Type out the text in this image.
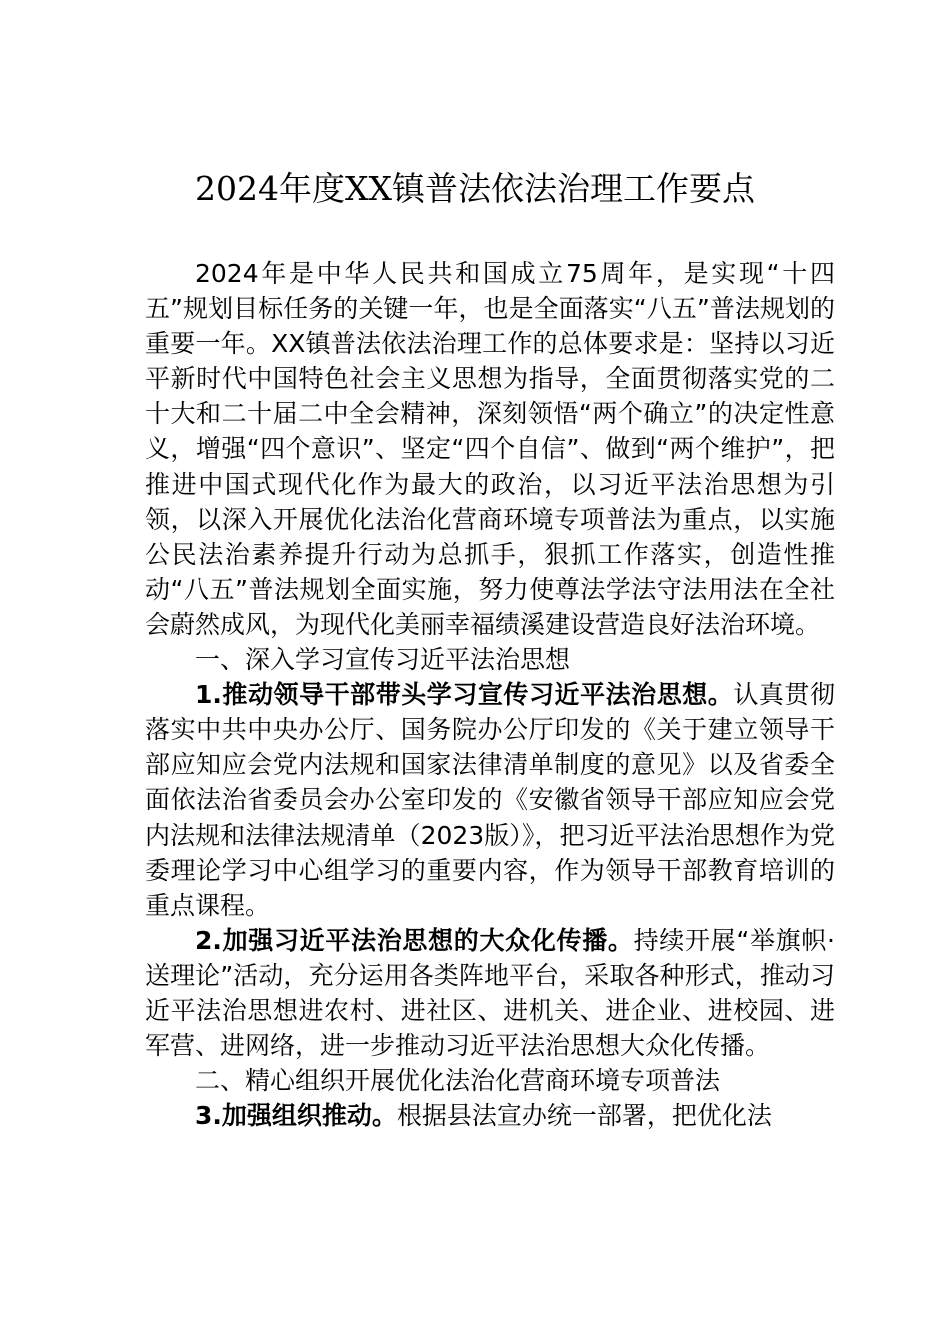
2024年度XX镇普法依法治理工作要点

2024年是中华人民共和国成立75周年，是实现“十四五”规划目标任务的关键一年，也是全面落实“八五”普法规划的重要一年。XX镇普法依法治理工作的总体要求是：坚持以习近平新时代中国特色社会主义思想为指导，全面贯彻落实党的二十大和二十届二中全会精神，深刻领悟“两个确立”的决定性意义，增强“四个意识”、坚定“四个自信”、做到“两个维护”，把推进中国式现代化作为最大的政治，以习近平法治思想为引领，以深入开展优化法治化营商环境专项普法为重点，以实施公民法治素养提升行动为总抓手，狠抓工作落实，创造性推动“八五”普法规划全面实施，努力使尊法学法守法用法在全社会蔚然成风，为现代化美丽幸福绩溪建设营造良好法治环境。

一、深入学习宣传习近平法治思想

1.推动领导干部带头学习宣传习近平法治思想。认真贯彻落实中共中央办公厅、国务院办公厅印发的《关于建立领导干部应知应会党内法规和国家法律清单制度的意见》以及省委全面依法治省委员会办公室印发的《安徽省领导干部应知应会党内法规和法律法规清单（2023版）》，把习近平法治思想作为党委理论学习中心组学习的重要内容，作为领导干部教育培训的重点课程。

2.加强习近平法治思想的大众化传播。持续开展“举旗帜·送理论”活动，充分运用各类阵地平台，采取各种形式，推动习近平法治思想进农村、进社区、进机关、进企业、进校园、进军营、进网络，进一步推动习近平法治思想大众化传播。

二、精心组织开展优化法治化营商环境专项普法

3.加强组织推动。根据县法宣办统一部署，把优化法
